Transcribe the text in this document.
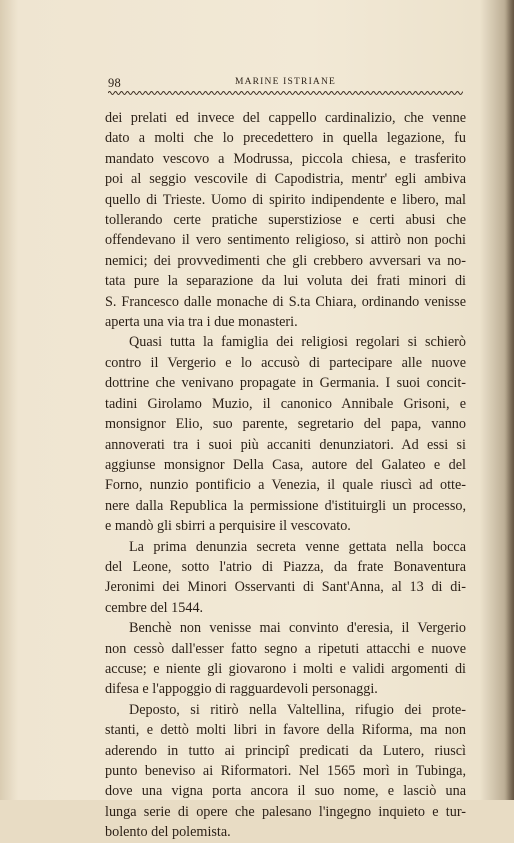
98	MARINE ISTRIANE
dei prelati ed invece del cappello cardinalizio, che venne
dato a molti che lo precedettero in quella legazione, fu
mandato vescovo a Modrussa, piccola chiesa, e trasferito
poi al seggio vescovile di Capodistria, mentr' egli ambiva
quello di Trieste. Uomo di spirito indipendente e libero, mal
tollerando certe pratiche superstiziose e certi abusi che
offendevano il vero sentimento religioso, si attirò non pochi
nemici; dei provvedimenti che gli crebbero avversari va no-
tata pure la separazione da lui voluta dei frati minori di
S. Francesco dalle monache di S.ta Chiara, ordinando venisse
aperta una via tra i due monasteri.
Quasi tutta la famiglia dei religiosi regolari si schierò
contro il Vergerio e lo accusò di partecipare alle nuove
dottrine che venivano propagate in Germania. I suoi concit-
tadini Girolamo Muzio, il canonico Annibale Grisoni, e
monsignor Elio, suo parente, segretario del papa, vanno
annoverati tra i suoi più accaniti denunziatori. Ad essi si
aggiunse monsignor Della Casa, autore del Galateo e del
Forno, nunzio pontificio a Venezia, il quale riuscì ad otte-
nere dalla Republica la permissione d'istituirgli un processo,
e mandò gli sbirri a perquisire il vescovato.
La prima denunzia secreta venne gettata nella bocca
del Leone, sotto l'atrio di Piazza, da frate Bonaventura
Jeronimi dei Minori Osservanti di Sant'Anna, al 13 di di-
cembre del 1544.
Benchè non venisse mai convinto d'eresia, il Vergerio
non cessò dall'esser fatto segno a ripetuti attacchi e nuove
accuse; e niente gli giovarono i molti e validi argomenti di
difesa e l'appoggio di ragguardevoli personaggi.
Deposto, si ritirò nella Valtellina, rifugio dei prote-
stanti, e dettò molti libri in favore della Riforma, ma non
aderendo in tutto ai principî predicati da Lutero, riuscì
punto beneviso ai Riformatori. Nel 1565 morì in Tubinga,
dove una vigna porta ancora il suo nome, e lasciò una
lunga serie di opere che palesano l'ingegno inquieto e tur-
bolento del polemista.
